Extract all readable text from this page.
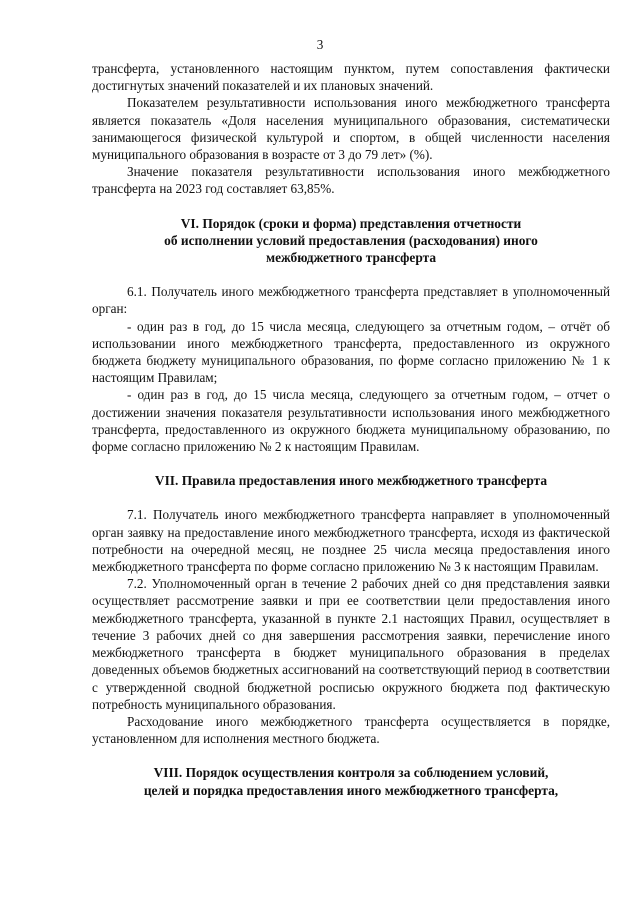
3

трансферта, установленного настоящим пунктом, путем сопоставления фактически достигнутых значений показателей и их плановых значений.

Показателем результативности использования иного межбюджетного трансферта является показатель «Доля населения муниципального образования, систематически занимающегося физической культурой и спортом, в общей численности населения муниципального образования в возрасте от 3 до 79 лет» (%).

Значение показателя результативности использования иного межбюджетного трансферта на 2023 год составляет 63,85%.

VI. Порядок (сроки и форма) представления отчетности

об исполнении условий предоставления (расходования) иного

межбюджетного трансферта

6.1. Получатель иного межбюджетного трансферта представляет в уполномоченный орган:

- один раз в год, до 15 числа месяца, следующего за отчетным годом, – отчёт об использовании иного межбюджетного трансферта, предоставленного из окружного бюджета бюджету муниципального образования, по форме согласно приложению № 1 к настоящим Правилам;

- один раз в год, до 15 числа месяца, следующего за отчетным годом, – отчет о достижении значения показателя результативности использования иного межбюджетного трансферта, предоставленного из окружного бюджета муниципальному образованию, по форме согласно приложению № 2 к настоящим Правилам.

VII. Правила предоставления иного межбюджетного трансферта

7.1. Получатель иного межбюджетного трансферта направляет в уполномоченный орган заявку на предоставление иного межбюджетного трансферта, исходя из фактической потребности на очередной месяц, не позднее 25 числа месяца предоставления иного межбюджетного трансферта по форме согласно приложению № 3 к настоящим Правилам.

7.2. Уполномоченный орган в течение 2 рабочих дней со дня представления заявки осуществляет рассмотрение заявки и при ее соответствии цели предоставления иного межбюджетного трансферта, указанной в пункте 2.1 настоящих Правил, осуществляет в течение 3 рабочих дней со дня завершения рассмотрения заявки, перечисление иного межбюджетного трансферта в бюджет муниципального образования в пределах доведенных объемов бюджетных ассигнований на соответствующий период в соответствии с утвержденной сводной бюджетной росписью окружного бюджета под фактическую потребность муниципального образования.

Расходование иного межбюджетного трансферта осуществляется в порядке, установленном для исполнения местного бюджета.

VIII. Порядок осуществления контроля за соблюдением условий,

целей и порядка предоставления иного межбюджетного трансферта,
